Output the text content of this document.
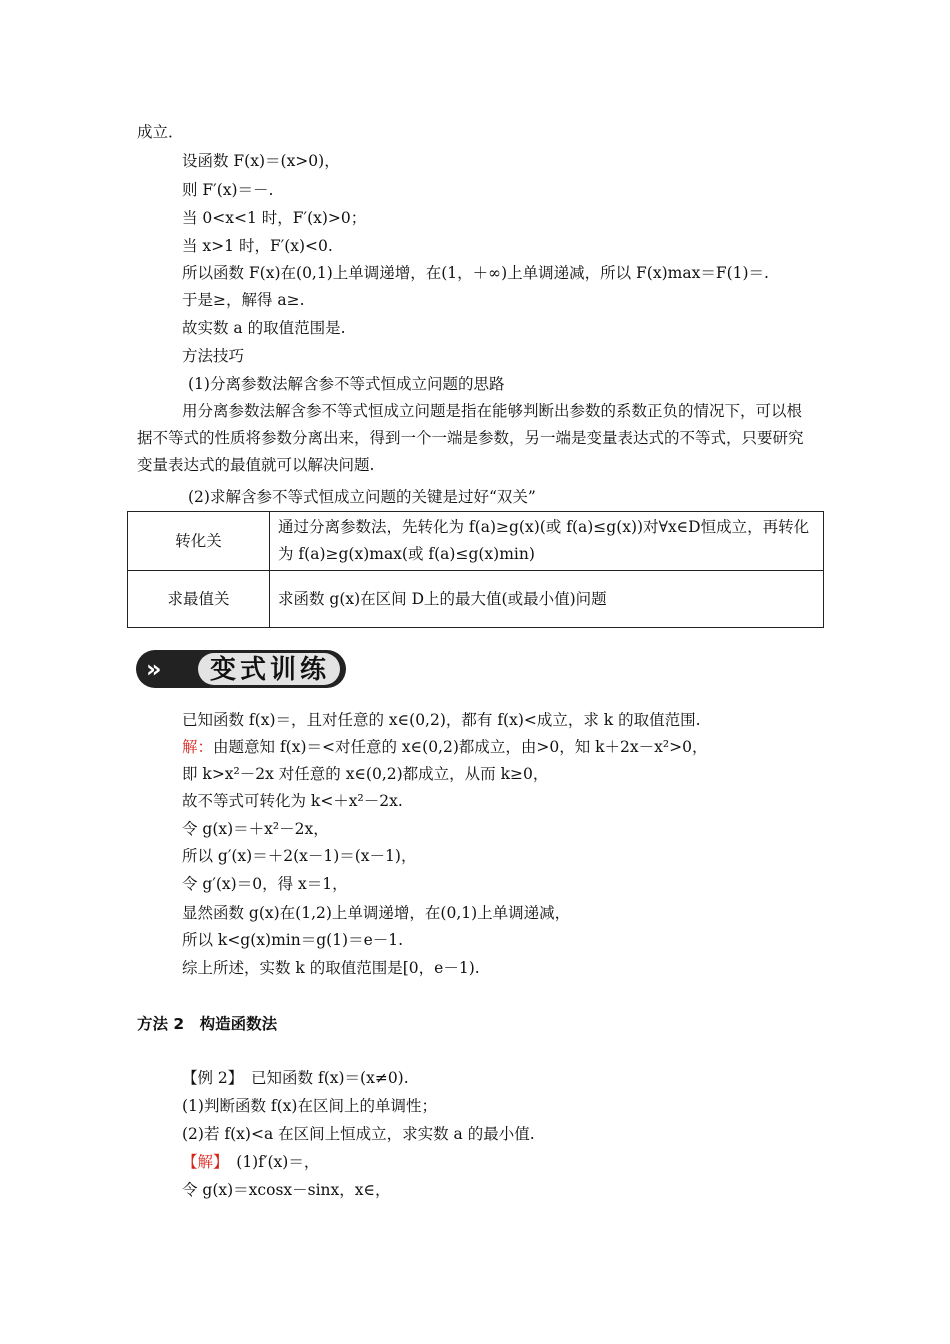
成立．
设函数 F(x)＝(x>0)，
则 F′(x)＝－.
当 0<x<1 时，F′(x)>0；
当 x>1 时，F′(x)<0.
所以函数 F(x)在(0,1)上单调递增，在(1，＋∞)上单调递减，所以 F(x)max＝F(1)＝.
于是≥，解得 a≥.
故实数 a 的取值范围是.
方法技巧
(1)分离参数法解含参不等式恒成立问题的思路
用分离参数法解含参不等式恒成立问题是指在能够判断出参数的系数正负的情况下，可以根据不等式的性质将参数分离出来，得到一个一端是参数，另一端是变量表达式的不等式，只要研究变量表达式的最值就可以解决问题.
(2)求解含参不等式恒成立问题的关键是过好“双关”
转化关	通过分离参数法，先转化为 f(a)≥g(x)(或 f(a)≤g(x))对∀x∈D恒成立，再转化为 f(a)≥g(x)max(或 f(a)≤g(x)min)
求最值关	求函数 g(x)在区间 D上的最大值(或最小值)问题
»	变式训练
已知函数 f(x)＝，且对任意的 x∈(0,2)，都有 f(x)<成立，求 k 的取值范围.
解：由题意知 f(x)＝<对任意的 x∈(0,2)都成立，由>0，知 k＋2x－x²>0，
即 k>x²－2x 对任意的 x∈(0,2)都成立，从而 k≥0，
故不等式可转化为 k<＋x²－2x.
令 g(x)＝＋x²－2x，
所以 g′(x)＝＋2(x－1)＝(x－1)，
令 g′(x)＝0，得 x＝1，
显然函数 g(x)在(1,2)上单调递增，在(0,1)上单调递减，
所以 k<g(x)min＝g(1)＝e－1.
综上所述，实数 k 的取值范围是[0，e－1).
方法 2　构造函数法
【例 2】　已知函数 f(x)＝(x≠0).
(1)判断函数 f(x)在区间上的单调性；
(2)若 f(x)<a 在区间上恒成立，求实数 a 的最小值.
【解】　(1)f′(x)＝，
令 g(x)＝xcosx－sinx，x∈，
